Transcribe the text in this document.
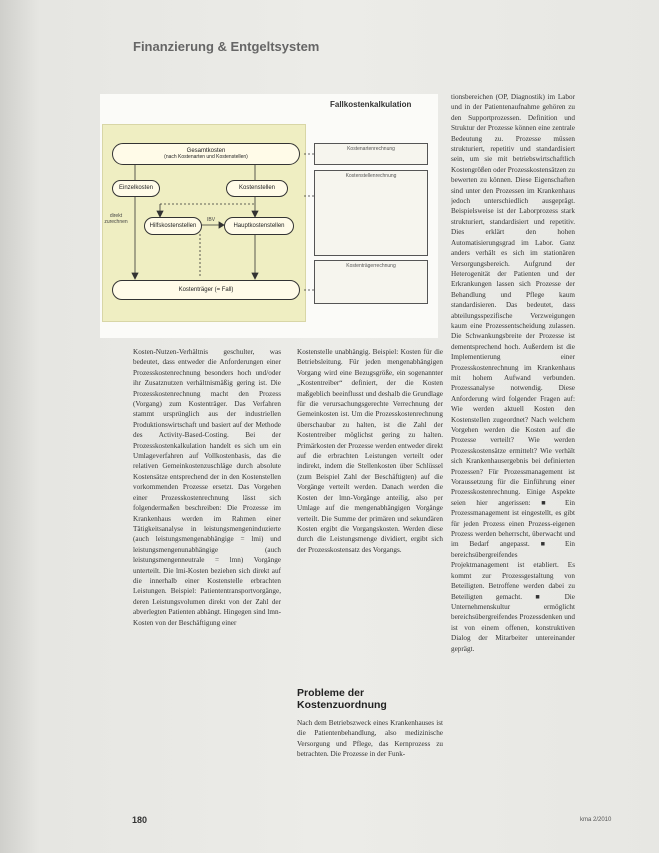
Finanzierung & Entgeltsystem
Fallkostenkalkulation
Gesamtkosten
(nach Kostenarten und Kostenstellen)
Einzelkosten	Kostenstellen
Hilfskostenstellen	Hauptkostenstellen
Kostenträger (= Fall)
direkt zurechnen	IBV
Kostenartenrechnung
Kostenstellenrechnung
Kostenträgerrechnung

tionsbereichen (OP, Diagnostik) im Labor und in der Patientenaufnahme gehören zu den Supportprozessen. Definition und Struktur der Prozesse können eine zentrale Bedeutung zu. Prozesse müssen strukturiert, repetitiv und standardisiert sein, um sie mit betriebswirtschaftlich Kostengrößen oder Prozesskostensätzen zu bewerten zu können. Diese Eigenschaften sind unter den Prozessen im Krankenhaus jedoch unterschiedlich ausgeprägt. Beispielsweise ist der Laborprozess stark strukturiert, standardisiert und repetitiv. Dies erklärt den hohen Automatisierungsgrad im Labor. Ganz anders verhält es sich im stationären Versorgungsbereich. Aufgrund der Heterogenität der Patienten und der Erkrankungen lassen sich Prozesse der Behandlung und Pflege kaum standardisieren. Das bedeutet, dass abteilungsspezifische Verzweigungen kaum eine Prozessentscheidung zulassen. Die Schwankungsbreite der Prozesse ist dementsprechend hoch. Außerdem ist die Implementierung einer Prozesskostenrechnung im Krankenhaus mit hohem Aufwand verbunden. Prozessanalyse notwendig. Diese Anforderung wird folgender Fragen auf: Wie werden aktuell Kosten den Kostenstellen zugeordnet? Nach welchem Vorgehen werden die Kosten auf die Prozesse verteilt? Wie werden Prozesskostensätze ermittelt? Wie verhält sich Krankenhausergebnis bei definierten Prozessen? Für Prozessmanagement ist Voraussetzung für die Einführung einer Prozesskostenrechnung. Einige Aspekte seien hier angerissen: ■ Ein Prozessmanagement ist eingestellt, es gibt für jeden Prozess einen Prozess-eigenen Prozess werden beherrscht, überwacht und im Bedarf angepasst. ■ Ein bereichsübergreifendes Projektmanagement ist etabliert. Es kommt zur Prozessgestaltung von Beteiligten. Betroffene werden dabei zu Beteiligten gemacht. ■ Die Unternehmenskultur ermöglicht bereichsübergreifendes Prozessdenken und ist von einem offenen, konstruktiven Dialog der Mitarbeiter untereinander geprägt.

Kosten-Nutzen-Verhältnis geschulter, was bedeutet, dass entweder die Anforderungen einer Prozesskostenrechnung besonders hoch und/oder ihr Zusatznutzen verhältnismäßig gering ist. Die Prozesskostenrechnung macht den Prozess (Vorgang) zum Kostenträger. Das Verfahren stammt ursprünglich aus der industriellen Produktionswirtschaft und basiert auf der Methode des Activity-Based-Costing. Bei der Prozesskostenkalkulation handelt es sich um ein Umlageverfahren auf Vollkostenbasis, das die relativen Gemeinkostenzuschläge durch absolute Kostensätze entsprechend der in den Kostenstellen vorkommenden Prozesse ersetzt. Das Vorgehen einer Prozesskostenrechnung lässt sich folgendermaßen beschreiben: Die Prozesse im Krankenhaus werden im Rahmen einer Tätigkeitsanalyse in leistungsmengeninduzierte (auch leistungsmengenabhängige = lmi) und leistungsmengenunabhängige (auch leistungsmengenneutrale = lmn) Vorgänge unterteilt. Die lmi-Kosten beziehen sich direkt auf die innerhalb einer Kostenstelle erbrachten Leistungen. Beispiel: Patiententransportvorgänge, deren Leistungsvolumen direkt von der Zahl der abverlegten Patienten abhängt. Hingegen sind lmn-Kosten von der Beschäftigung einer

Kostenstelle unabhängig. Beispiel: Kosten für die Betriebsleitung. Für jeden mengenabhängigen Vorgang wird eine Bezugsgröße, ein sogenannter „Kostentreiber“ definiert, der die Kosten maßgeblich beeinflusst und deshalb die Grundlage für die verursachungsgerechte Verrechnung der Gemeinkosten ist. Um die Prozesskostenrechnung überschaubar zu halten, ist die Zahl der Kostentreiber möglichst gering zu halten. Primärkosten der Prozesse werden entweder direkt auf die erbrachten Leistungen verteilt oder indirekt, indem die Stellenkosten über Schlüssel (zum Beispiel Zahl der Beschäftigten) auf die Vorgänge verteilt werden. Danach werden die Kosten der lmn-Vorgänge anteilig, also per Umlage auf die mengenabhängigen Vorgänge verteilt. Die Summe der primären und sekundären Kosten ergibt die Vorgangskosten. Werden diese durch die Leistungsmenge dividiert, ergibt sich der Prozesskostensatz des Vorgangs.

Probleme der Kostenzuordnung

Nach dem Betriebszweck eines Krankenhauses ist die Patientenbehandlung, also medizinische Versorgung und Pflege, das Kernprozess zu betrachten. Die Prozesse in der Funk-

180	kma 2/2010
